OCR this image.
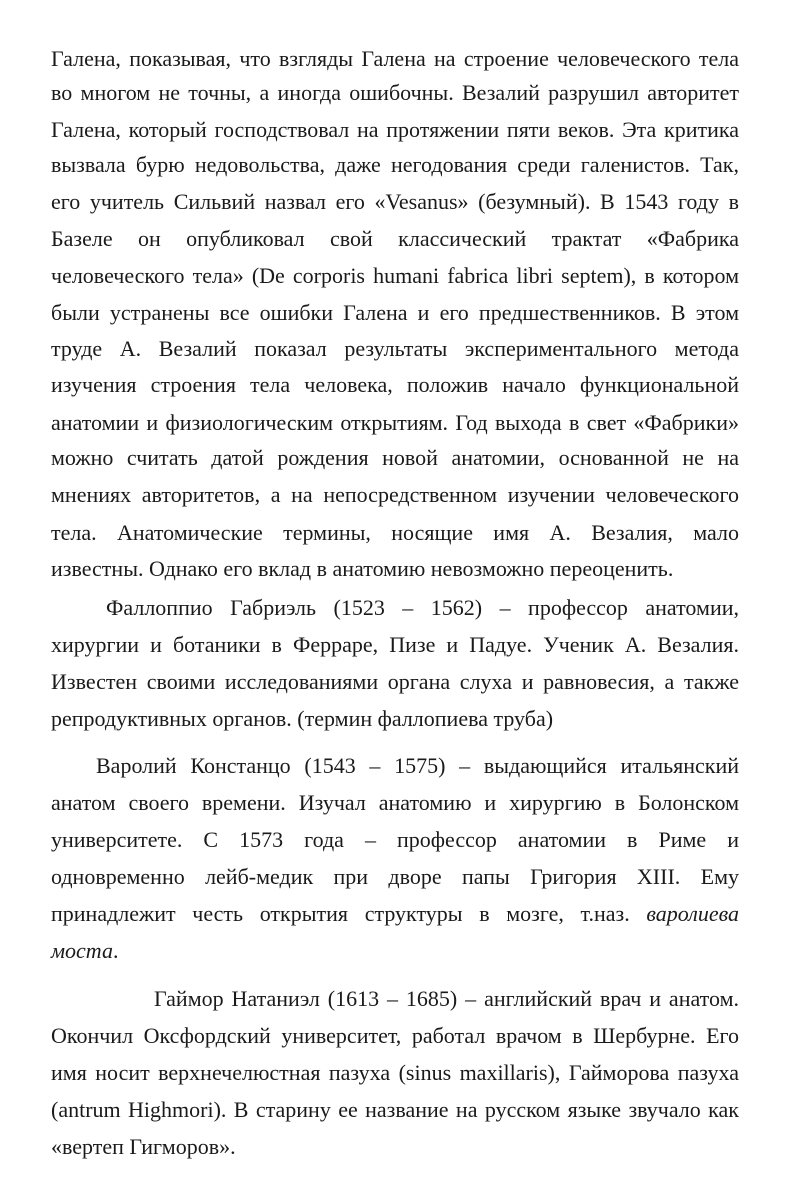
Галена, показывая, что взгляды Галена на строение человеческого тела
во многом не точны, а иногда ошибочны. Везалий разрушил авторитет
Галена, который господствовал на протяжении пяти веков. Эта критика
вызвала бурю недовольства, даже негодования среди галенистов. Так,
его учитель Сильвий назвал его «Vesanus» (безумный). В 1543 году в
Базеле он опубликовал свой классический трактат «Фабрика
человеческого тела» (De corporis humani fabrica libri septem), в котором
были устранены все ошибки Галена и его предшественников. В этом
труде А. Везалий показал результаты экспериментального метода
изучения строения тела человека, положив начало функциональной
анатомии и физиологическим открытиям. Год выхода в свет «Фабрики»
можно считать датой рождения новой анатомии, основанной не на
мнениях авторитетов, а на непосредственном изучении человеческого
тела. Анатомические термины, носящие имя А. Везалия, мало
известны. Однако его вклад в анатомию невозможно переоценить.
Фаллоппио Габриэль (1523 – 1562) – профессор анатомии,
хирургии и ботаники в Ферраре, Пизе и Падуе. Ученик А. Везалия.
Известен своими исследованиями органа слуха и равновесия, а также
репродуктивных органов. (термин фаллопиева труба)
Варолий Констанцо (1543 – 1575) – выдающийся итальянский
анатом своего времени. Изучал анатомию и хирургию в Болонском
университете. С 1573 года – профессор анатомии в Риме и
одновременно лейб-медик при дворе папы Григория XIII. Ему
принадлежит честь открытия структуры в мозге, т.наз. варолиева
моста.
Гаймор Натаниэл (1613 – 1685) – английский врач и анатом.
Окончил Оксфордский университет, работал врачом в Шербурне. Его
имя носит верхнечелюстная пазуха (sinus maxillaris), Гайморова пазуха
(antrum Highmori). В старину ее название на русском языке звучало как
«вертеп Гигморов».
